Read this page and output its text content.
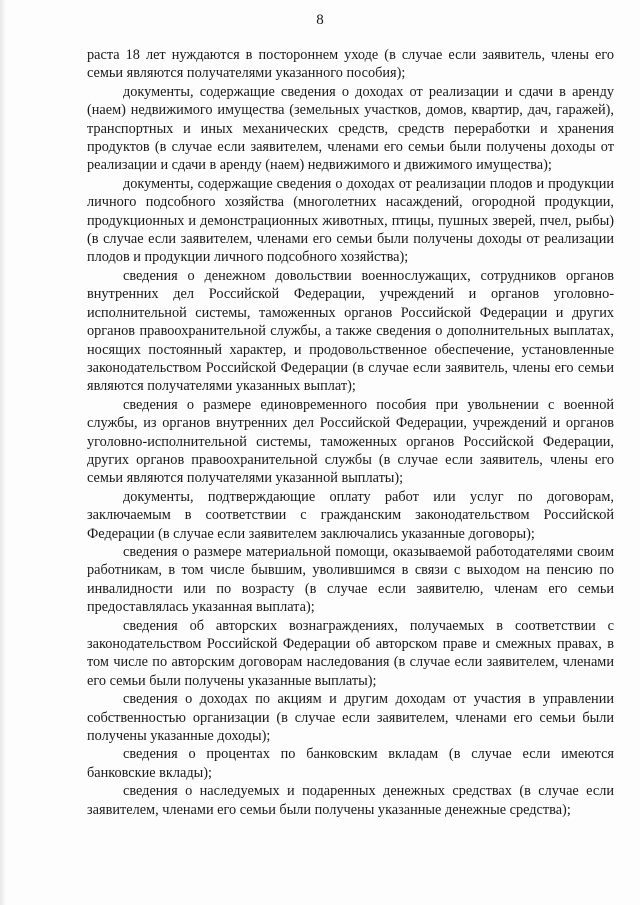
8

раста 18 лет нуждаются в постороннем уходе (в случае если заявитель, члены его семьи являются получателями указанного пособия);

документы, содержащие сведения о доходах от реализации и сдачи в аренду (наем) недвижимого имущества (земельных участков, домов, квартир, дач, гаражей), транспортных и иных механических средств, средств переработки и хранения продуктов (в случае если заявителем, членами его семьи были получены доходы от реализации и сдачи в аренду (наем) недвижимого и движимого имущества);

документы, содержащие сведения о доходах от реализации плодов и продукции личного подсобного хозяйства (многолетних насаждений, огородной продукции, продукционных и демонстрационных животных, птицы, пушных зверей, пчел, рыбы) (в случае если заявителем, членами его семьи были получены доходы от реализации плодов и продукции личного подсобного хозяйства);

сведения о денежном довольствии военнослужащих, сотрудников органов внутренних дел Российской Федерации, учреждений и органов уголовно-исполнительной системы, таможенных органов Российской Федерации и других органов правоохранительной службы, а также сведения о дополнительных выплатах, носящих постоянный характер, и продовольственное обеспечение, установленные законодательством Российской Федерации (в случае если заявитель, члены его семьи являются получателями указанных выплат);

сведения о размере единовременного пособия при увольнении с военной службы, из органов внутренних дел Российской Федерации, учреждений и органов уголовно-исполнительной системы, таможенных органов Российской Федерации, других органов правоохранительной службы (в случае если заявитель, члены его семьи являются получателями указанной выплаты);

документы, подтверждающие оплату работ или услуг по договорам, заключаемым в соответствии с гражданским законодательством Российской Федерации (в случае если заявителем заключались указанные договоры);

сведения о размере материальной помощи, оказываемой работодателями своим работникам, в том числе бывшим, уволившимся в связи с выходом на пенсию по инвалидности или по возрасту (в случае если заявителю, членам его семьи предоставлялась указанная выплата);

сведения об авторских вознаграждениях, получаемых в соответствии с законодательством Российской Федерации об авторском праве и смежных правах, в том числе по авторским договорам наследования (в случае если заявителем, членами его семьи были получены указанные выплаты);

сведения о доходах по акциям и другим доходам от участия в управлении собственностью организации (в случае если заявителем, членами его семьи были получены указанные доходы);

сведения о процентах по банковским вкладам (в случае если имеются банковские вклады);

сведения о наследуемых и подаренных денежных средствах (в случае если заявителем, членами его семьи были получены указанные денежные средства);
